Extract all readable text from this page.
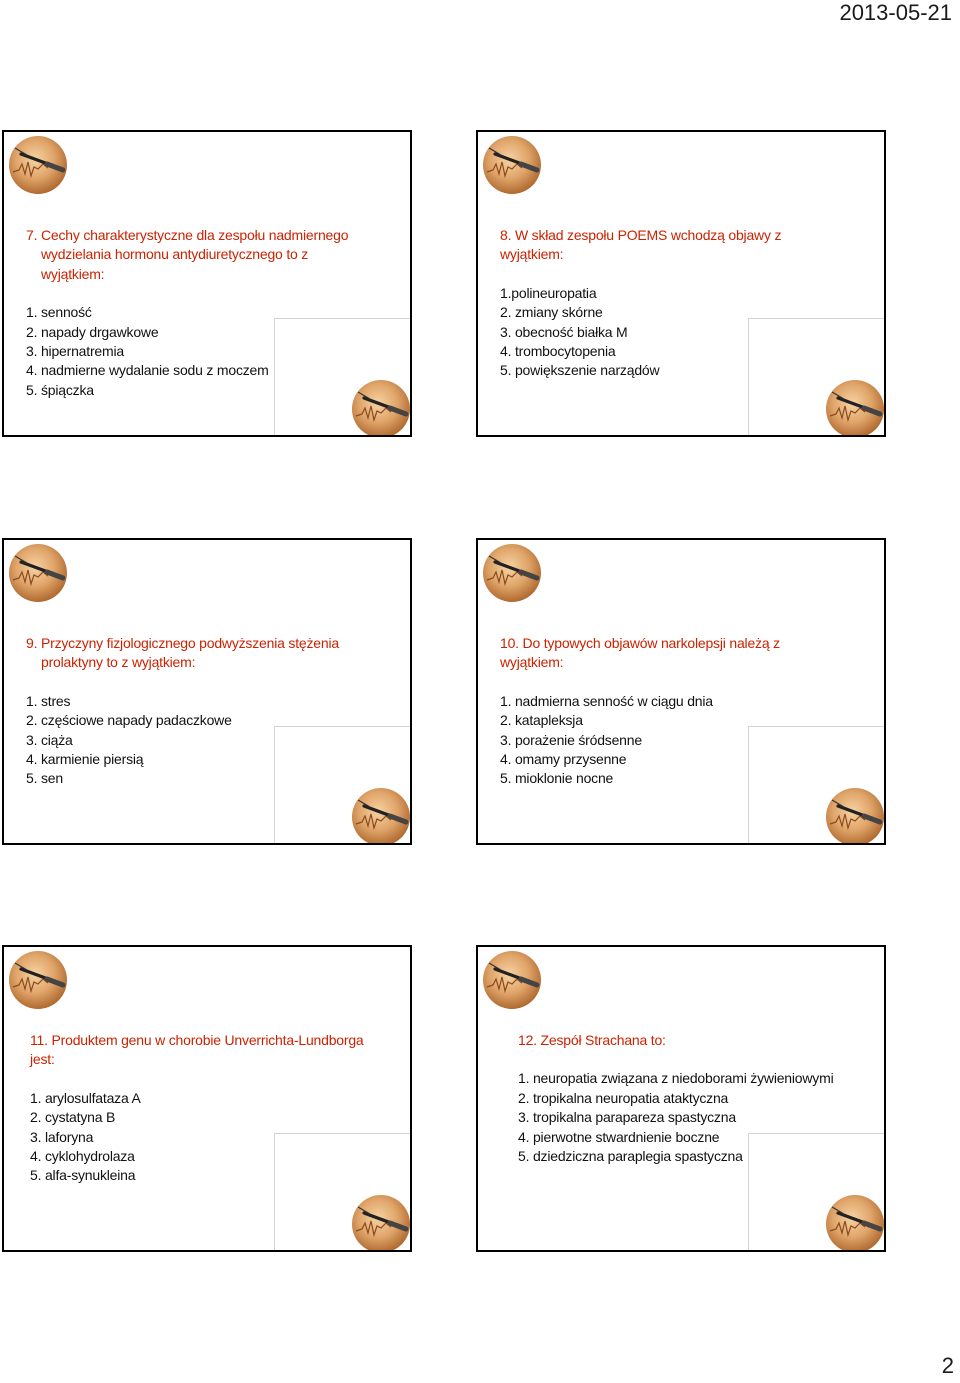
2013-05-21
7. Cechy charakterystyczne dla zespołu nadmiernego
wydzielania hormonu antydiuretycznego to z wyjątkiem:
1. senność
2. napady drgawkowe
3. hipernatremia
4. nadmierne wydalanie sodu z moczem
5. śpiączka
8. W skład zespołu POEMS wchodzą objawy z wyjątkiem:
1.polineuropatia
2. zmiany skórne
3. obecność białka M
4. trombocytopenia
5. powiększenie narządów
9. Przyczyny fizjologicznego podwyższenia stężenia
prolaktyny to z wyjątkiem:
1. stres
2. częściowe napady padaczkowe
3. ciąża
4. karmienie piersią
5. sen
10. Do typowych objawów narkolepsji należą z wyjątkiem:
1. nadmierna senność w ciągu dnia
2. katapleksja
3. porażenie śródsenne
4. omamy przysenne
5. mioklonie nocne
11. Produktem genu w chorobie Unverrichta-Lundborga jest:
1. arylosulfataza A
2. cystatyna B
3. laforyna
4. cyklohydrolaza
5. alfa-synukleina
12. Zespół Strachana to:
1. neuropatia związana z niedoborami żywieniowymi
2. tropikalna neuropatia ataktyczna
3. tropikalna parapareza spastyczna
4. pierwotne stwardnienie boczne
5. dziedziczna paraplegia spastyczna
2
